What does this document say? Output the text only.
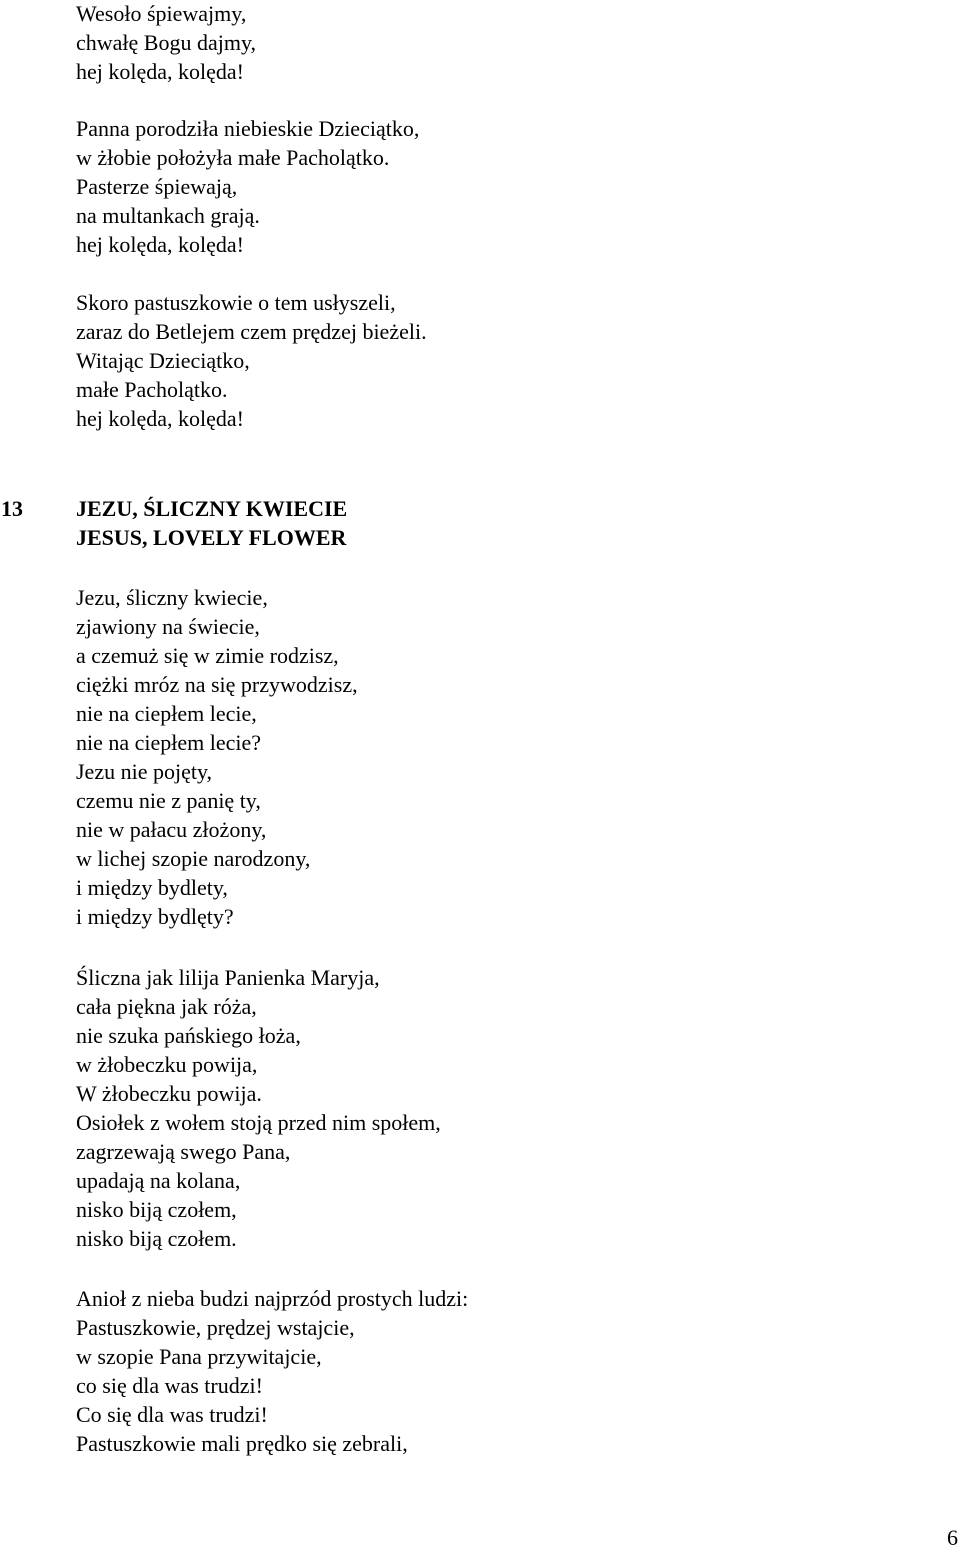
Wesoło śpiewajmy,
chwałę Bogu dajmy,
hej kolęda, kolęda!
Panna porodziła niebieskie Dzieciątko,
w żłobie położyła małe Pacholątko.
Pasterze śpiewają,
na multankach grają.
hej kolęda, kolęda!
Skoro pastuszkowie o tem usłyszeli,
zaraz do Betlejem czem prędzej bieżeli.
Witając Dzieciątko,
małe Pacholątko.
hej kolęda, kolęda!
13 JEZU, ŚLICZNY KWIECIE
JESUS, LOVELY FLOWER
Jezu, śliczny kwiecie,
zjawiony na świecie,
a czemuż się w zimie rodzisz,
ciężki mróz na się przywodzisz,
nie na ciepłem lecie,
nie na ciepłem lecie?
Jezu nie pojęty,
czemu nie z panię ty,
nie w pałacu złożony,
w lichej szopie narodzony,
i między bydlety,
i między bydlęty?
Śliczna jak lilija Panienka Maryja,
cała piękna jak róża,
nie szuka pańskiego łoża,
w żłobeczku powija,
W żłobeczku powija.
Osiołek z wołem stoją przed nim społem,
zagrzewają swego Pana,
upadają na kolana,
nisko biją czołem,
nisko biją czołem.
Anioł z nieba budzi najprzód prostych ludzi:
Pastuszkowie, prędzej wstajcie,
w szopie Pana przywitajcie,
co się dla was trudzi!
Co się dla was trudzi!
Pastuszkowie mali prędko się zebrali,
6
